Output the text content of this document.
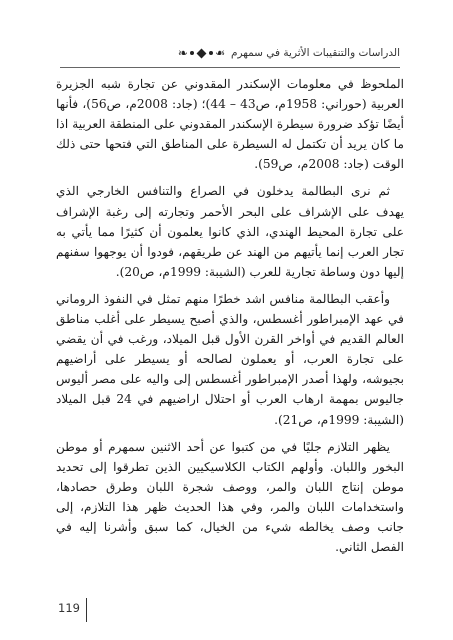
❧ ❧ الدراسات والتنقيبات الأثرية في سمهرم

الملحوظ في معلومات الإسكندر المقدوني عن تجارة شبه الجزيرة العربية (حوراني: 1958م، ص43 – 44)؛ (جاد: 2008م، ص56)، فأنها أيضًا تؤكد ضرورة سيطرة الإسكندر المقدوني على المنطقة العربية اذا ما كان يريد أن تكتمل له السيطرة على المناطق التي فتحها حتى ذلك الوقت (جاد: 2008م، ص59).

ثم نرى البطالمة يدخلون في الصراع والتنافس الخارجي الذي يهدف على الإشراف على البحر الأحمر وتجارته إلى رغبة الإشراف على تجارة المحيط الهندي، الذي كانوا يعلمون أن كثيرًا مما يأتي به تجار العرب إنما يأتيهم من الهند عن طريقهم، فودوا أن يوجهوا سفنهم إليها دون وساطة تجارية للعرب (الشيبة: 1999م، ص20).

وأعقب البطالمة منافس اشد خطرًا منهم تمثل في النفوذ الروماني في عهد الإمبراطور أغسطس، والذي أصبح يسيطر على أغلب مناطق العالم القديم في أواخر القرن الأول قبل الميلاد، ورغب في أن يقضي على تجارة العرب، أو يعملون لصالحه أو يسيطر على أراضيهم بجيوشه، ولهذا أصدر الإمبراطور أغسطس إلى واليه على مصر أليوس جاليوس بمهمة ارهاب العرب أو احتلال اراضيهم في 24 قبل الميلاد (الشيبة: 1999م، ص21).

يظهر التلازم جليًا في من كتبوا عن أحد الاثنين سمهرم أو موطن البخور واللبان. وأولهم الكتاب الكلاسيكيين الذين تطرقوا إلى تحديد موطن إنتاج اللبان والمر، ووصف شجرة اللبان وطرق حصادها، واستخدامات اللبان والمر، وفي هذا الحديث ظهر هذا التلازم، إلى جانب وصف يخالطه شيء من الخيال، كما سبق وأشرنا إليه في الفصل الثاني.

119
